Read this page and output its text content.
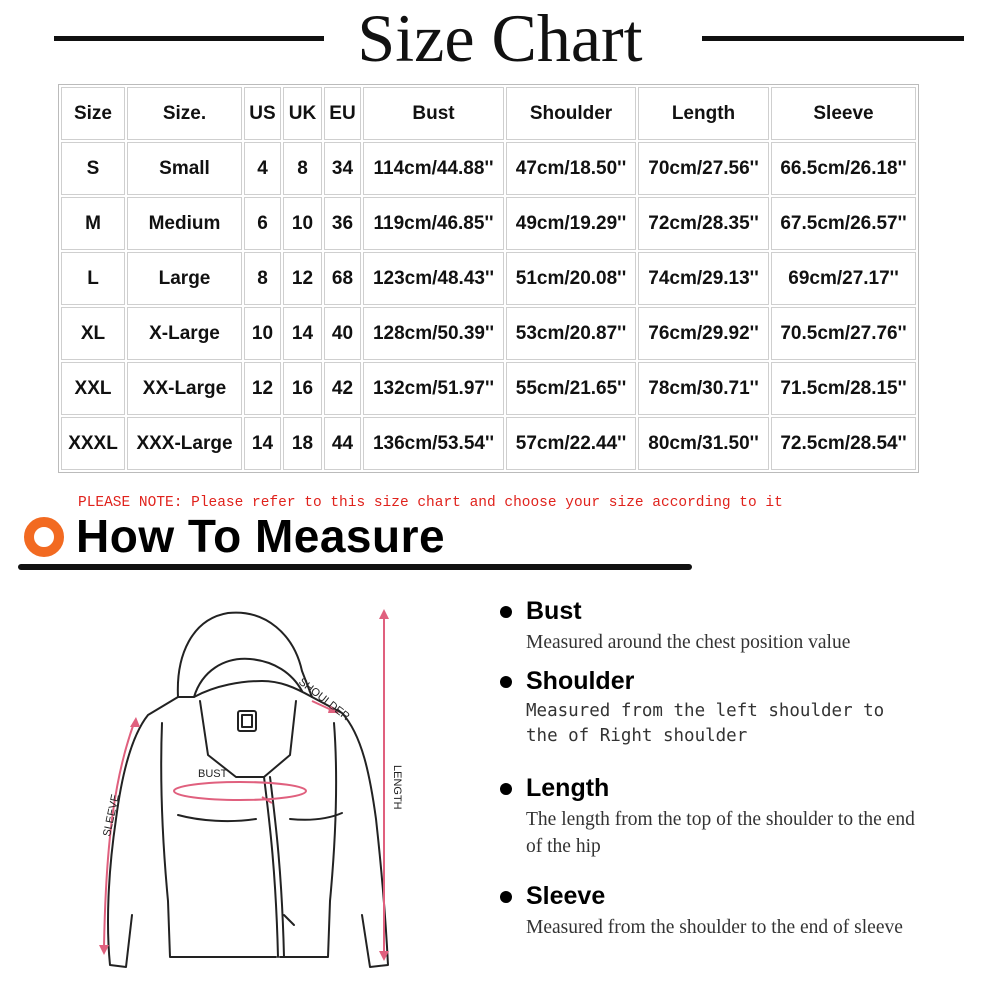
Size Chart
Size	Size.	US	UK	EU	Bust	Shoulder	Length	Sleeve
S	Small	4	8	34	114cm/44.88''	47cm/18.50''	70cm/27.56''	66.5cm/26.18''
M	Medium	6	10	36	119cm/46.85''	49cm/19.29''	72cm/28.35''	67.5cm/26.57''
L	Large	8	12	68	123cm/48.43''	51cm/20.08''	74cm/29.13''	69cm/27.17''
XL	X-Large	10	14	40	128cm/50.39''	53cm/20.87''	76cm/29.92''	70.5cm/27.76''
XXL	XX-Large	12	16	42	132cm/51.97''	55cm/21.65''	78cm/30.71''	71.5cm/28.15''
XXXL	XXX-Large	14	18	44	136cm/53.54''	57cm/22.44''	80cm/31.50''	72.5cm/28.54''
PLEASE NOTE: Please refer to this size chart and choose your size according to it
How To Measure
SHOULDER
BUST	LENGTH
SLEEVE
Bust
Measured around the chest position value
Shoulder
Measured from the left shoulder to the of Right shoulder
Length
The length from the top of the shoulder to the end of the hip
Sleeve
Measured from the shoulder to the end of sleeve
